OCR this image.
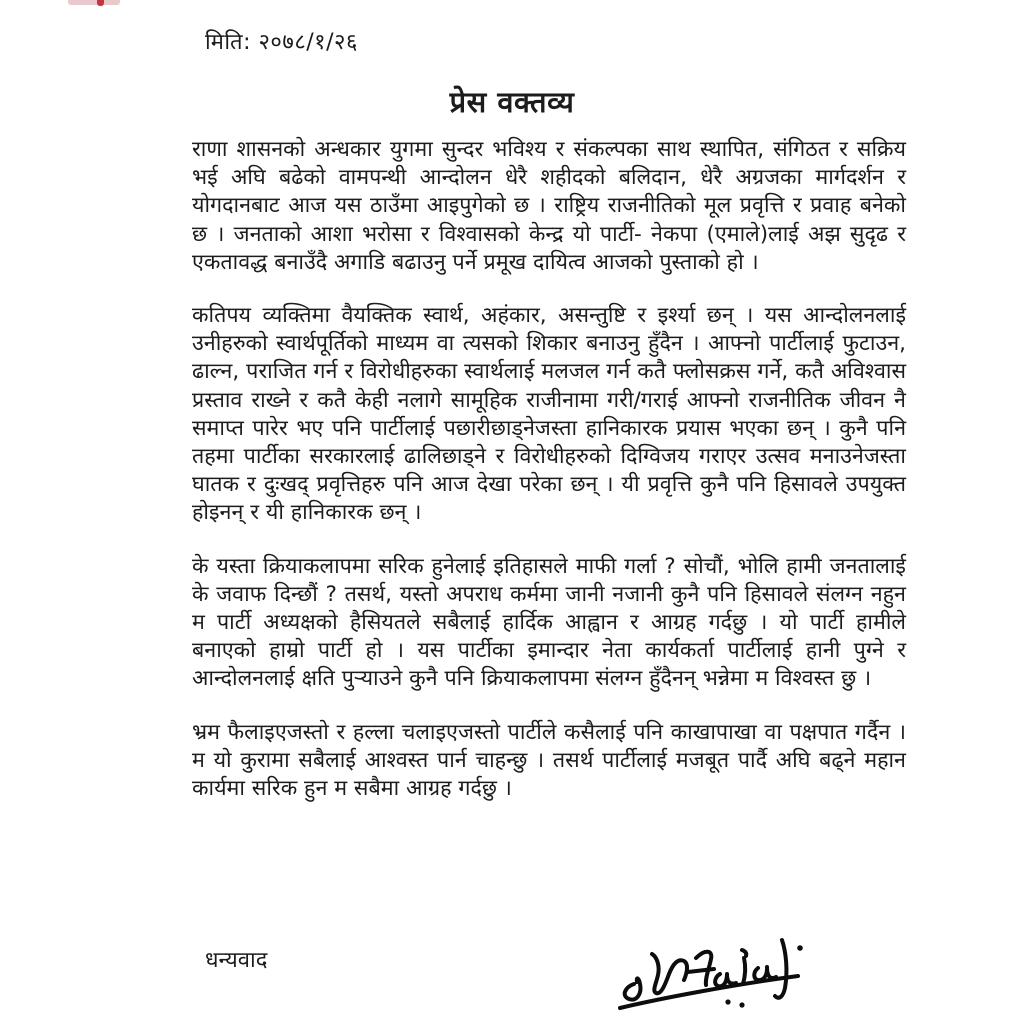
मिति: २०७८/१/२६
प्रेस वक्तव्य

राणा शासनको अन्धकार युगमा सुन्दर भविश्य र संकल्पका साथ स्थापित, संगिठत र सक्रिय भई अघि बढेको वामपन्थी आन्दोलन धेरै शहीदको बलिदान, धेरै अग्रजका मार्गदर्शन र योगदानबाट आज यस ठाउँमा आइपुगेको छ । राष्ट्रिय राजनीतिको मूल प्रवृत्ति र प्रवाह बनेको छ । जनताको आशा भरोसा र विश्वासको केन्द्र यो पार्टी- नेकपा (एमाले)लाई अझ सुदृढ र एकतावद्ध बनाउँदै अगाडि बढाउनु पर्ने प्रमूख दायित्व आजको पुस्ताको हो ।

कतिपय व्यक्तिमा वैयक्तिक स्वार्थ, अहंकार, असन्तुष्टि र इर्श्या छन् । यस आन्दोलनलाई उनीहरुको स्वार्थपूर्तिको माध्यम वा त्यसको शिकार बनाउनु हुँदैन । आफ्नो पार्टीलाई फुटाउन, ढाल्न, पराजित गर्न र विरोधीहरुका स्वार्थलाई मलजल गर्न कतै फ्लोसक्रस गर्ने, कतै अविश्वास प्रस्ताव राख्ने र कतै केही नलागे सामूहिक राजीनामा गरी/गराई आफ्नो राजनीतिक जीवन नै समाप्त पारेर भए पनि पार्टीलाई पछारीछाड्नेजस्ता हानिकारक प्रयास भएका छन् । कुनै पनि तहमा पार्टीका सरकारलाई ढालिछाड्ने र विरोधीहरुको दिग्विजय गराएर उत्सव मनाउनेजस्ता घातक र दुःखद् प्रवृत्तिहरु पनि आज देखा परेका छन् । यी प्रवृत्ति कुनै पनि हिसावले उपयुक्त होइनन् र यी हानिकारक छन् ।

के यस्ता क्रियाकलापमा सरिक हुनेलाई इतिहासले माफी गर्ला ? सोचौं, भोलि हामी जनतालाई के जवाफ दिन्छौं ? तसर्थ, यस्तो अपराध कर्ममा जानी नजानी कुनै पनि हिसावले संलग्न नहुन म पार्टी अध्यक्षको हैसियतले सबैलाई हार्दिक आह्वान र आग्रह गर्दछु । यो पार्टी हामीले बनाएको हाम्रो पार्टी हो । यस पार्टीका इमान्दार नेता कार्यकर्ता पार्टीलाई हानी पुग्ने र आन्दोलनलाई क्षति पुऱ्याउने कुनै पनि क्रियाकलापमा संलग्न हुँदैनन् भन्नेमा म विश्वस्त छु ।

भ्रम फैलाइएजस्तो र हल्ला चलाइएजस्तो पार्टीले कसैलाई पनि काखापाखा वा पक्षपात गर्दैन । म यो कुरामा सबैलाई आश्वस्त पार्न चाहन्छु । तसर्थ पार्टीलाई मजबूत पार्दै अघि बढ्ने महान कार्यमा सरिक हुन म सबैमा आग्रह गर्दछु ।

धन्यवाद
